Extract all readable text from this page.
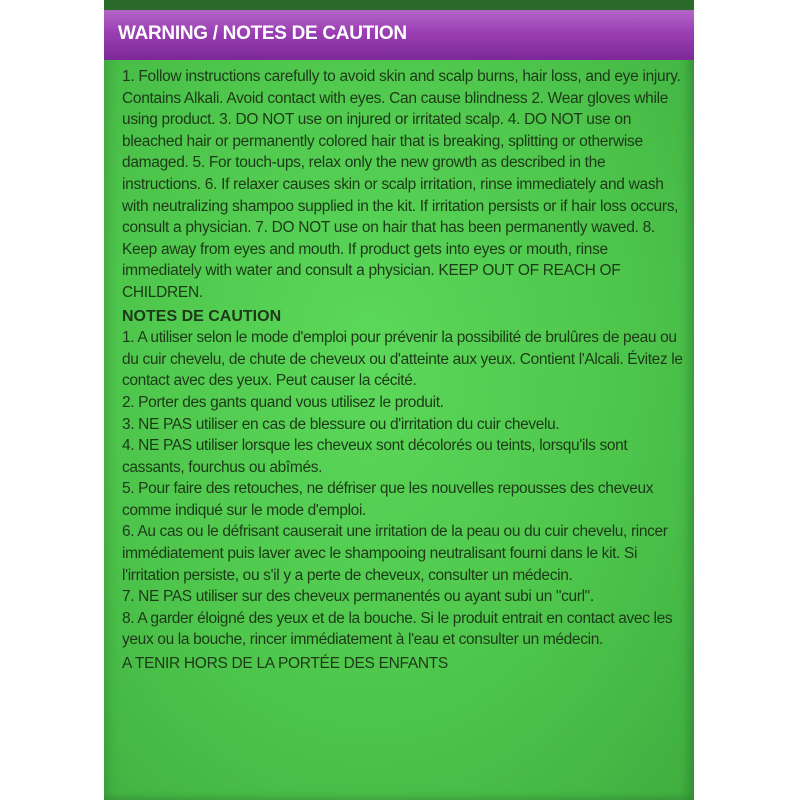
WARNING / NOTES DE CAUTION

1. Follow instructions carefully to avoid skin and scalp burns, hair loss, and eye injury. Contains Alkali. Avoid contact with eyes. Can cause blindness 2. Wear gloves while using product. 3. DO NOT use on injured or irritated scalp. 4. DO NOT use on bleached hair or permanently colored hair that is breaking, splitting or otherwise damaged. 5. For touch-ups, relax only the new growth as described in the instructions. 6. If relaxer causes skin or scalp irritation, rinse immediately and wash with neutralizing shampoo supplied in the kit. If irritation persists or if hair loss occurs, consult a physician. 7. DO NOT use on hair that has been permanently waved. 8. Keep away from eyes and mouth. If product gets into eyes or mouth, rinse immediately with water and consult a physician. KEEP OUT OF REACH OF CHILDREN.

NOTES DE CAUTION
1. A utiliser selon le mode d'emploi pour prévenir la possibilité de brulûres de peau ou du cuir chevelu, de chute de cheveux ou d'atteinte aux yeux. Contient l'Alcali. Évitez le contact avec des yeux. Peut causer la cécité.
2. Porter des gants quand vous utilisez le produit.
3. NE PAS utiliser en cas de blessure ou d'irritation du cuir chevelu.
4. NE PAS utiliser lorsque les cheveux sont décolorés ou teints, lorsqu'ils sont cassants, fourchus ou abîmés.
5. Pour faire des retouches, ne défriser que les nouvelles repousses des cheveux comme indiqué sur le mode d'emploi.
6. Au cas ou le défrisant causerait une irritation de la peau ou du cuir chevelu, rincer immédiatement puis laver avec le shampooing neutralisant fourni dans le kit. Si l'irritation persiste, ou s'il y a perte de cheveux, consulter un médecin.
7. NE PAS utiliser sur des cheveux permanentés ou ayant subi un "curl".
8. A garder éloigné des yeux et de la bouche. Si le produit entrait en contact avec les yeux ou la bouche, rincer immédiatement à l'eau et consulter un médecin.

A TENIR HORS DE LA PORTÉE DES ENFANTS
